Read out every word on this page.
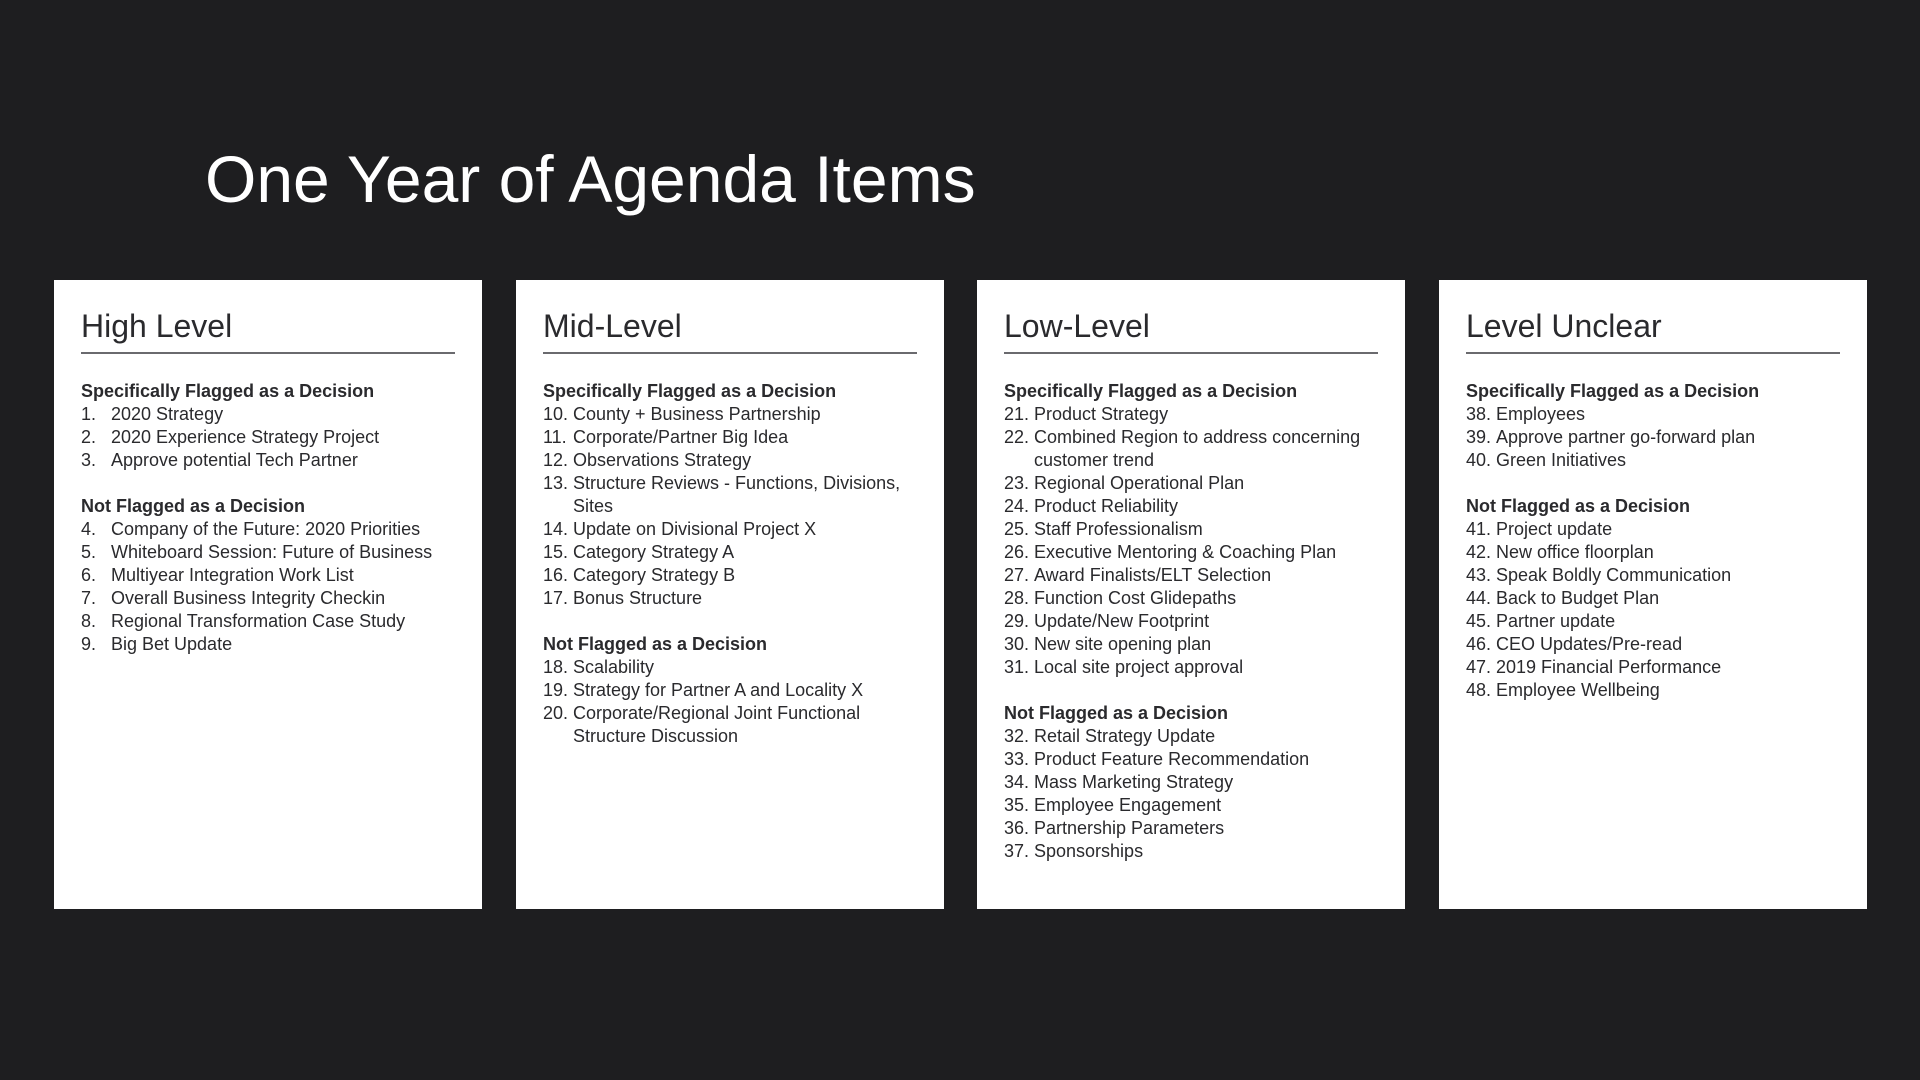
One Year of Agenda Items
High Level
Specifically Flagged as a Decision
1. 2020 Strategy
2. 2020 Experience Strategy Project
3. Approve potential Tech Partner
Not Flagged as a Decision
4. Company of the Future: 2020 Priorities
5. Whiteboard Session: Future of Business
6. Multiyear Integration Work List
7. Overall Business Integrity Checkin
8. Regional Transformation Case Study
9. Big Bet Update
Mid-Level
Specifically Flagged as a Decision
10. County + Business Partnership
11. Corporate/Partner Big Idea
12. Observations Strategy
13. Structure Reviews - Functions, Divisions, Sites
14. Update on Divisional Project X
15. Category Strategy A
16. Category Strategy B
17. Bonus Structure
Not Flagged as a Decision
18. Scalability
19. Strategy for Partner A and Locality X
20. Corporate/Regional Joint Functional Structure Discussion
Low-Level
Specifically Flagged as a Decision
21. Product Strategy
22. Combined Region to address concerning customer trend
23. Regional Operational Plan
24. Product Reliability
25. Staff Professionalism
26. Executive Mentoring & Coaching Plan
27. Award Finalists/ELT Selection
28. Function Cost Glidepaths
29. Update/New Footprint
30. New site opening plan
31. Local site project approval
Not Flagged as a Decision
32. Retail Strategy Update
33. Product Feature Recommendation
34. Mass Marketing Strategy
35. Employee Engagement
36. Partnership Parameters
37. Sponsorships
Level Unclear
Specifically Flagged as a Decision
38. Employees
39. Approve partner go-forward plan
40. Green Initiatives
Not Flagged as a Decision
41. Project update
42. New office floorplan
43. Speak Boldly Communication
44. Back to Budget Plan
45. Partner update
46. CEO Updates/Pre-read
47. 2019 Financial Performance
48. Employee Wellbeing
